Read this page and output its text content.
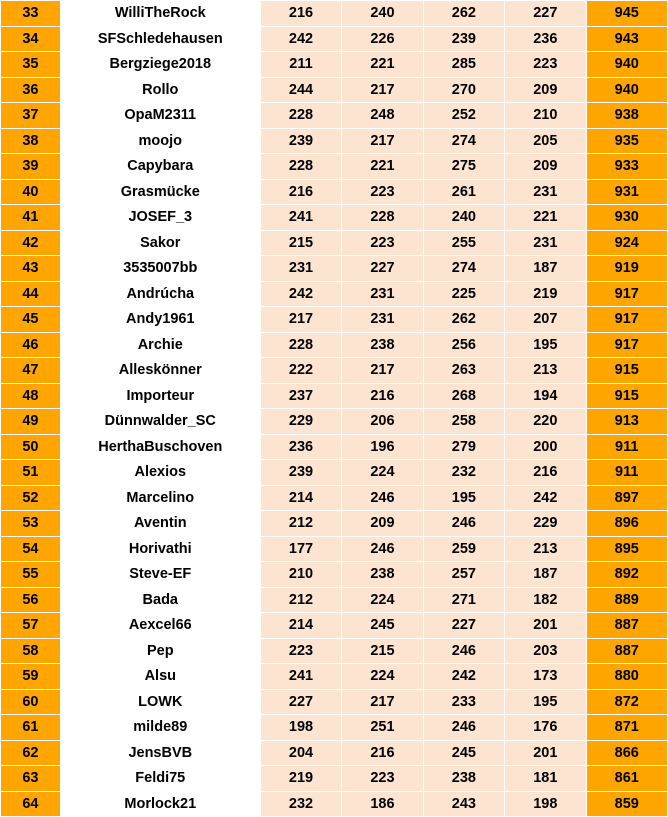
33	WilliTheRock	216	240	262	227	945
34	SFSchledehausen	242	226	239	236	943
35	Bergziege2018	211	221	285	223	940
36	Rollo	244	217	270	209	940
37	OpaM2311	228	248	252	210	938
38	moojo	239	217	274	205	935
39	Capybara	228	221	275	209	933
40	Grasmücke	216	223	261	231	931
41	JOSEF_3	241	228	240	221	930
42	Sakor	215	223	255	231	924
43	3535007bb	231	227	274	187	919
44	Andrúcha	242	231	225	219	917
45	Andy1961	217	231	262	207	917
46	Archie	228	238	256	195	917
47	Alleskönner	222	217	263	213	915
48	Importeur	237	216	268	194	915
49	Dünnwalder_SC	229	206	258	220	913
50	HerthaBuschoven	236	196	279	200	911
51	Alexios	239	224	232	216	911
52	Marcelino	214	246	195	242	897
53	Aventin	212	209	246	229	896
54	Horivathi	177	246	259	213	895
55	Steve-EF	210	238	257	187	892
56	Bada	212	224	271	182	889
57	Aexcel66	214	245	227	201	887
58	Pep	223	215	246	203	887
59	Alsu	241	224	242	173	880
60	LOWK	227	217	233	195	872
61	milde89	198	251	246	176	871
62	JensBVB	204	216	245	201	866
63	Feldi75	219	223	238	181	861
64	Morlock21	232	186	243	198	859
